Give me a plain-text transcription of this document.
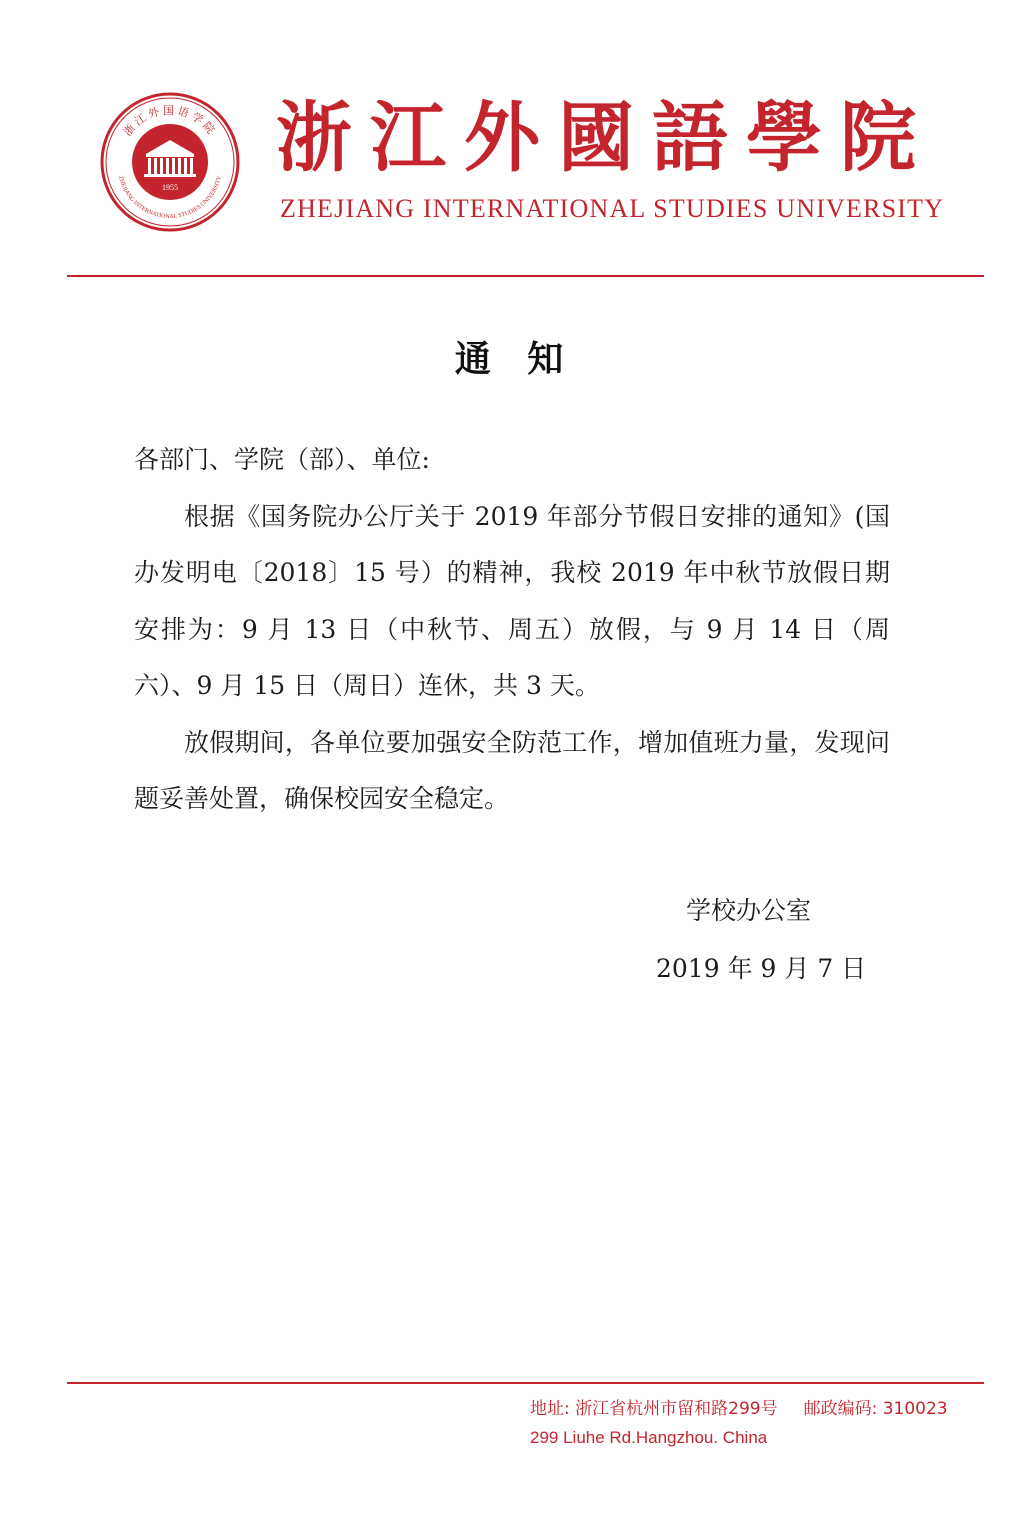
1955
浙江外国语学院
ZHEJIANG INTERNATIONAL STUDIES UNIVERSITY 浙江外國語學院
ZHEJIANG INTERNATIONAL STUDIES UNIVERSITY
通 知

各部门、学院（部）、单位:

根据《国务院办公厅关于 2019 年部分节假日安排的通知》(国办发明电〔2018〕15 号）的精神，我校 2019 年中秋节放假日期安排为：9 月 13 日（中秋节、周五）放假，与 9 月 14 日（周六）、9 月 15 日（周日）连休，共 3 天。

放假期间，各单位要加强安全防范工作，增加值班力量，发现问题妥善处置，确保校园安全稳定。

学校办公室
2019 年 9 月 7 日
地址: 浙江省杭州市留和路299号 邮政编码: 310023
299 Liuhe Rd.Hangzhou. China
